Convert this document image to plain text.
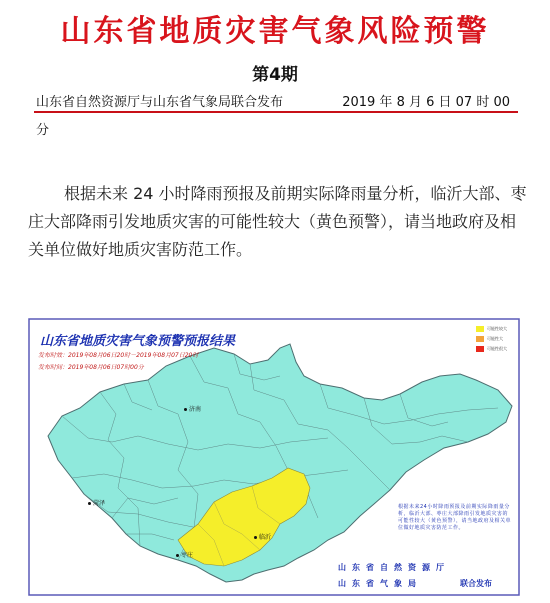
山东省地质灾害气象风险预警
第4期
山东省自然资源厅与山东省气象局联合发布	2019 年 8 月 6 日 07 时 00
分
根据未来 24 小时降雨预报及前期实际降雨量分析，临沂大部、枣庄大部降雨引发地质灾害的可能性较大（黄色预警），请当地政府及相关单位做好地质灾害防范工作。
山东省地质灾害气象预警预报结果
发布时效：2019年08月06日20时－2019年08月07日20时
发布时间：2019年08月06日07时00分
可能性较大
可能性大
可能性很大
济南
菏泽
临沂
枣庄
根据未来24小时降雨预报及前期实际降雨量分析，临沂大部、枣庄大部降雨引发地质灾害的可能性较大（黄色预警），请当地政府及相关单位做好地质灾害防范工作。
山东省自然资源厅
山东省气象局	联合发布
